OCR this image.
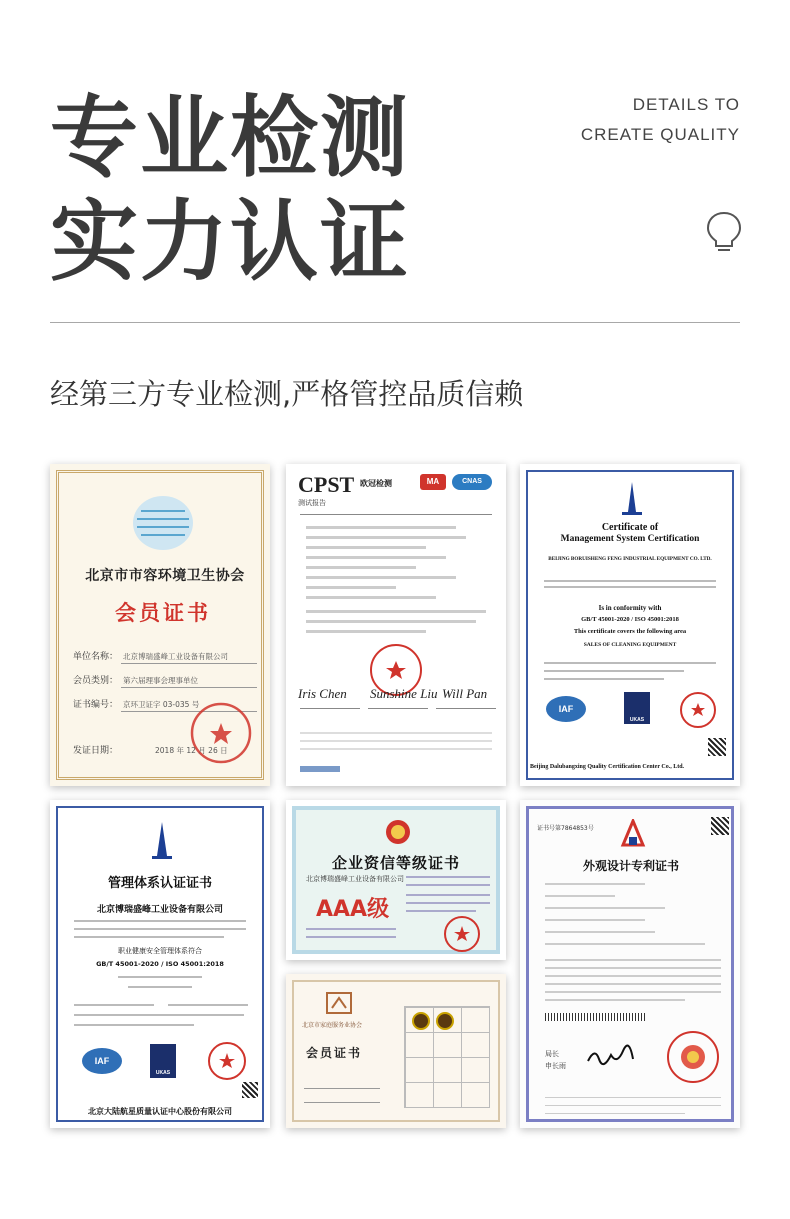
专业检测
实力认证
DETAILS TO
CREATE QUALITY
经第三方专业检测,严格管控品质信赖
北京市市容环境卫生协会
会员证书
单位名称： 北京博瑞盛峰工业设备有限公司
会员类别： 第六届理事会理事单位
证书编号： 京环卫证字 03-035 号
发证日期：	2018 年 12 月 26 日
CPST 欧冠检测
测试报告
MA	CNAS
Iris Chen Sunshine Liu Will Pan
Certificate of
Management System Certification
BEIJING BORUISHENG FENG INDUSTRIAL EQUIPMENT CO. LTD.
Is in conformity with
GB/T 45001-2020 / ISO 45001:2018
This certificate covers the following area
SALES OF CLEANING EQUIPMENT
IAF
UKAS
Beijing Dalubangxing Quality Certification Center Co., Ltd.
管理体系认证证书
北京博瑞盛峰工业设备有限公司
职业健康安全管理体系符合
GB/T 45001-2020 / ISO 45001:2018
IAF
UKAS
北京大陆航星质量认证中心股份有限公司
企业资信等级证书
北京博瑞盛峰工业设备有限公司
AAA级
北京市家庭服务业协会
会员证书
证书号第7864853号
外观设计专利证书
局长
申长雨
